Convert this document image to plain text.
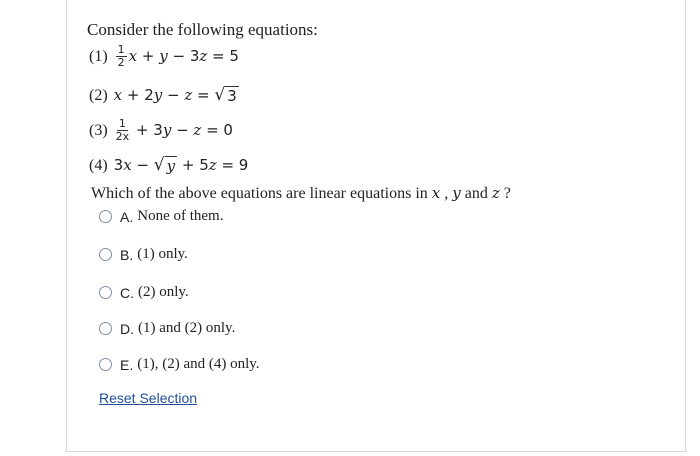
Consider the following equations:
$(1) \frac{1}{2}$ x + y − 3z = 5
(2) x + 2y − z = √ 3
$(3) \frac{1}{2x} + 3y - z = 0$
(4) 3x − √ y + 5z = 9
Which of the above equations are linear equations in x , y and z ?
A. None of them.
B. (1) only.
C. (2) only.
D. (1) and (2) only.
E. (1), (2) and (4) only.
Reset Selection
